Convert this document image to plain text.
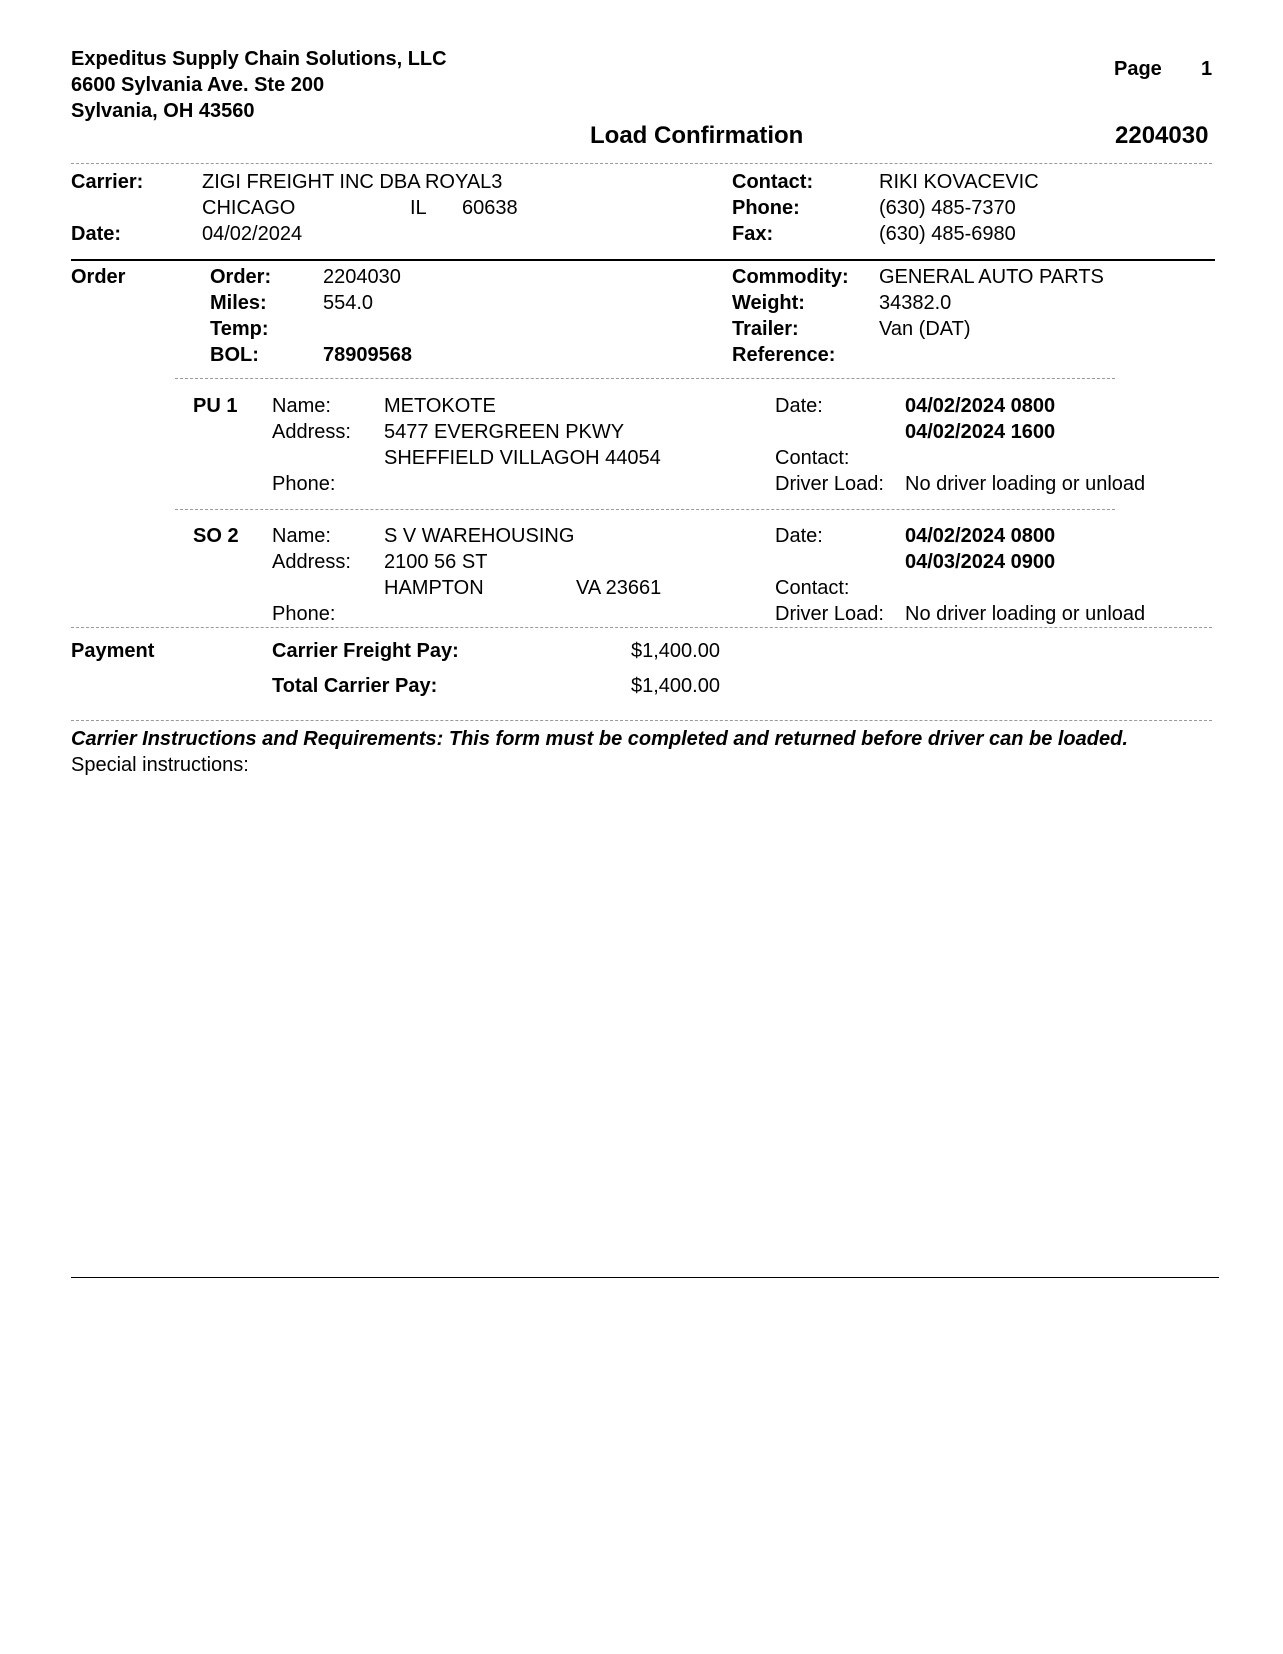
Expeditus Supply Chain Solutions, LLC
6600 Sylvania Ave. Ste 200
Sylvania, OH 43560
Page 1
Load Confirmation	2204030
Carrier:	ZIGI FREIGHT INC DBA ROYAL3
CHICAGO	IL 60638
Date:	04/02/2024
Contact:	RIKI KOVACEVIC
Phone:	(630) 485-7370
Fax:	(630) 485-6980
Order	Order:	2204030
Miles:	554.0
Temp:
BOL:	78909568
Commodity: GENERAL AUTO PARTS
Weight:	34382.0
Trailer:	Van (DAT)
Reference:
PU 1 Name:	METOKOTE
Address: 5477 EVERGREEN PKWY
SHEFFIELD VILLAGOH 44054
Phone:
Date:	04/02/2024 0800
04/02/2024 1600
Contact:
Driver Load: No driver loading or unload
SO 2 Name:	S V WAREHOUSING
Address: 2100 56 ST
HAMPTON	VA 23661
Phone:
Date:	04/02/2024 0800
04/03/2024 0900
Contact:
Driver Load: No driver loading or unload
Payment	Carrier Freight Pay:	$1,400.00
Total Carrier Pay:	$1,400.00
Carrier Instructions and Requirements: This form must be completed and returned before driver can be loaded.
Special instructions:
